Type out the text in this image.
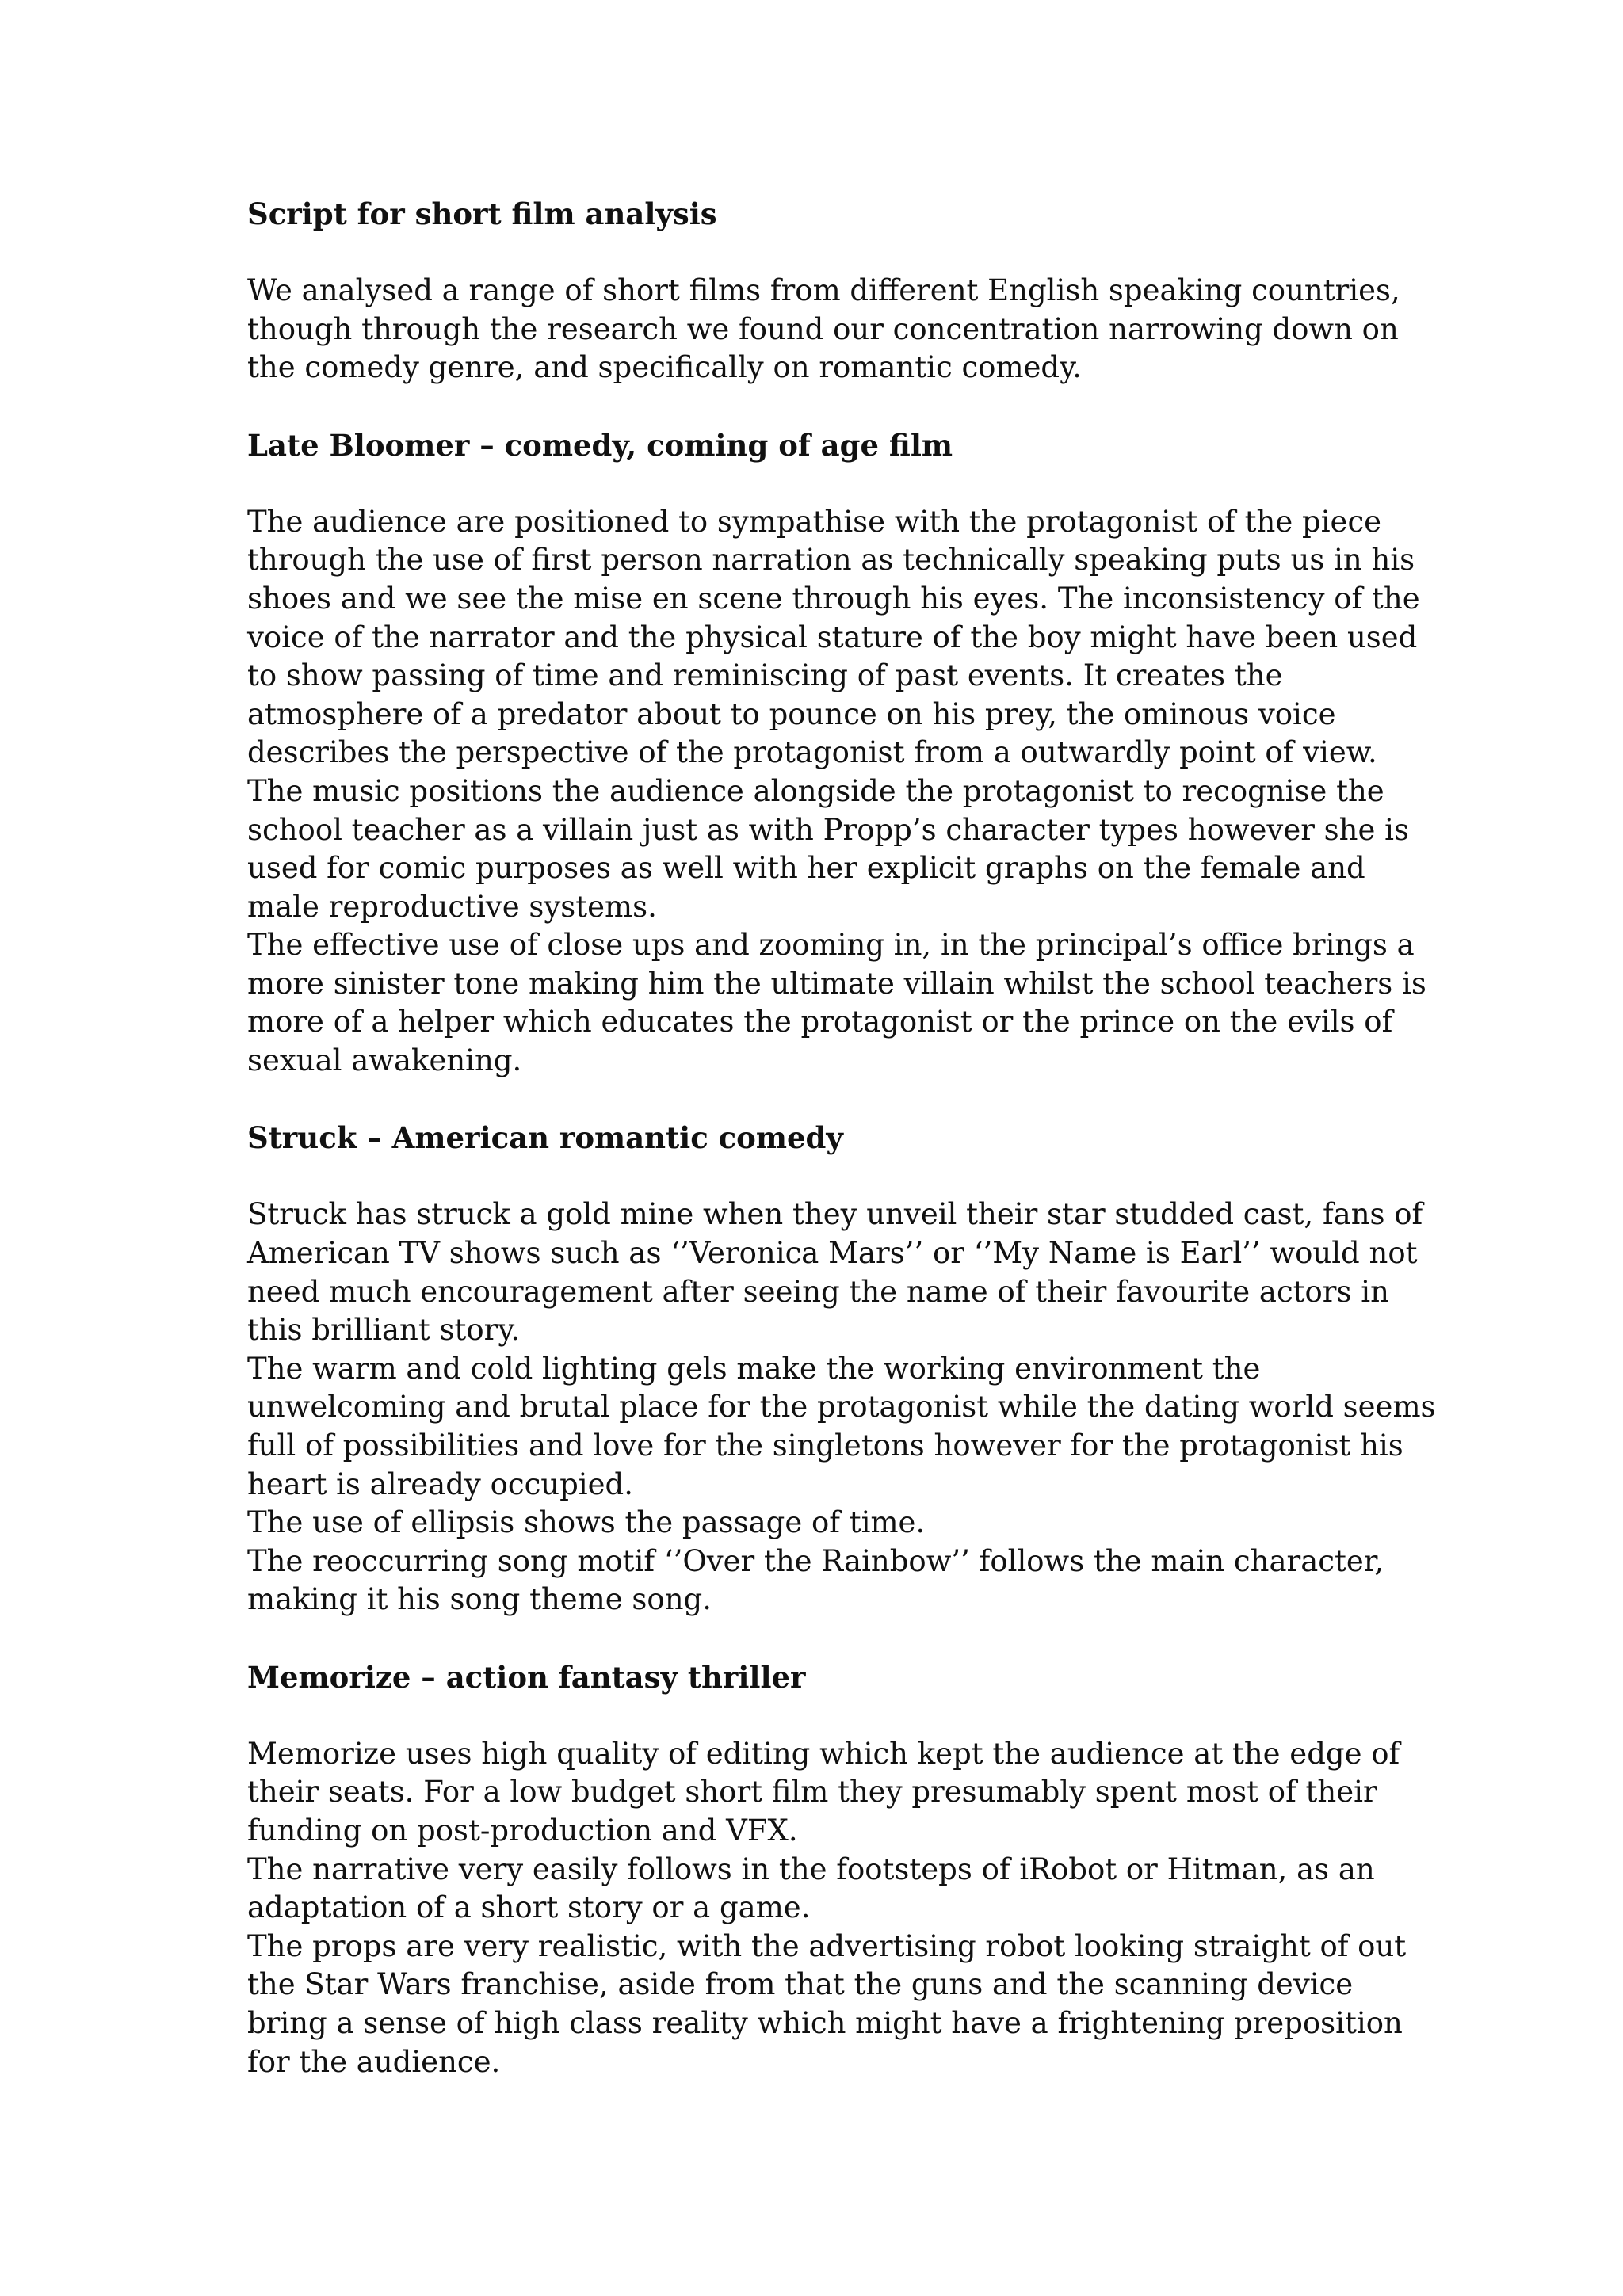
Script for short film analysis

We analysed a range of short films from different English speaking countries, though through the research we found our concentration narrowing down on the comedy genre, and specifically on romantic comedy.

Late Bloomer – comedy, coming of age film

The audience are positioned to sympathise with the protagonist of the piece through the use of first person narration as technically speaking puts us in his shoes and we see the mise en scene through his eyes. The inconsistency of the voice of the narrator and the physical stature of the boy might have been used to show passing of time and reminiscing of past events. It creates the atmosphere of a predator about to pounce on his prey, the ominous voice describes the perspective of the protagonist from a outwardly point of view.

The music positions the audience alongside the protagonist to recognise the school teacher as a villain just as with Propp’s character types however she is used for comic purposes as well with her explicit graphs on the female and male reproductive systems.

The effective use of close ups and zooming in, in the principal’s office brings a more sinister tone making him the ultimate villain whilst the school teachers is more of a helper which educates the protagonist or the prince on the evils of sexual awakening.

Struck – American romantic comedy

Struck has struck a gold mine when they unveil their star studded cast, fans of American TV shows such as ‘’Veronica Mars’’ or ‘’My Name is Earl’’ would not need much encouragement after seeing the name of their favourite actors in this brilliant story.

The warm and cold lighting gels make the working environment the unwelcoming and brutal place for the protagonist while the dating world seems full of possibilities and love for the singletons however for the protagonist his heart is already occupied.

The use of ellipsis shows the passage of time.

The reoccurring song motif ‘’Over the Rainbow’’ follows the main character, making it his song theme song.

Memorize – action fantasy thriller

Memorize uses high quality of editing which kept the audience at the edge of their seats. For a low budget short film they presumably spent most of their funding on post-production and VFX.

The narrative very easily follows in the footsteps of iRobot or Hitman, as an adaptation of a short story or a game.

The props are very realistic, with the advertising robot looking straight of out the Star Wars franchise, aside from that the guns and the scanning device bring a sense of high class reality which might have a frightening preposition for the audience.
